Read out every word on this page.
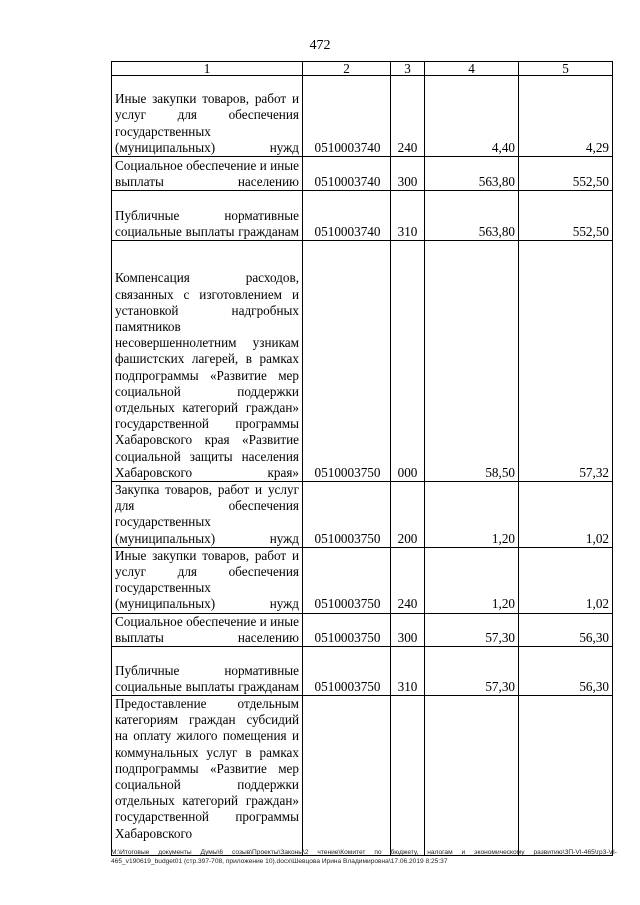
472
1	2	3	4	5
Иные закупки товаров, работ и услуг для обеспечения государственных (муниципальных) нужд	0510003740	240	4,40	4,29
Социальное обеспечение и иные выплаты населению	0510003740	300	563,80	552,50
Публичные нормативные социальные выплаты гражданам	0510003740	310	563,80	552,50
Компенсация расходов, связанных с изготовлением и установкой надгробных памятников несовершеннолетним узникам фашистских лагерей, в рамках подпрограммы «Развитие мер социальной поддержки отдельных категорий граждан» государственной программы Хабаровского края «Развитие социальной защиты населения Хабаровского края»	0510003750	000	58,50	57,32
Закупка товаров, работ и услуг для обеспечения государственных (муниципальных) нужд	0510003750	200	1,20	1,02
Иные закупки товаров, работ и услуг для обеспечения государственных (муниципальных) нужд	0510003750	240	1,20	1,02
Социальное обеспечение и иные выплаты населению	0510003750	300	57,30	56,30
Публичные нормативные социальные выплаты гражданам	0510003750	310	57,30	56,30
Предоставление отдельным категориям граждан субсидий на оплату жилого помещения и коммунальных услуг в рамках подпрограммы «Развитие мер социальной поддержки отдельных категорий граждан» государственной программы Хабаровского				
M:\Итоговые документы Думы\6 созыв\Проекты\Законы\2 чтение\Комитет по бюджету, налогам и экономическому развитию\ЗП-VI-465\гр3-VI-465_v190619_budget01 (стр.397-708, приложение 10).docx\Шевцова Ирина Владимировна\17.06.2019 8:25:37
